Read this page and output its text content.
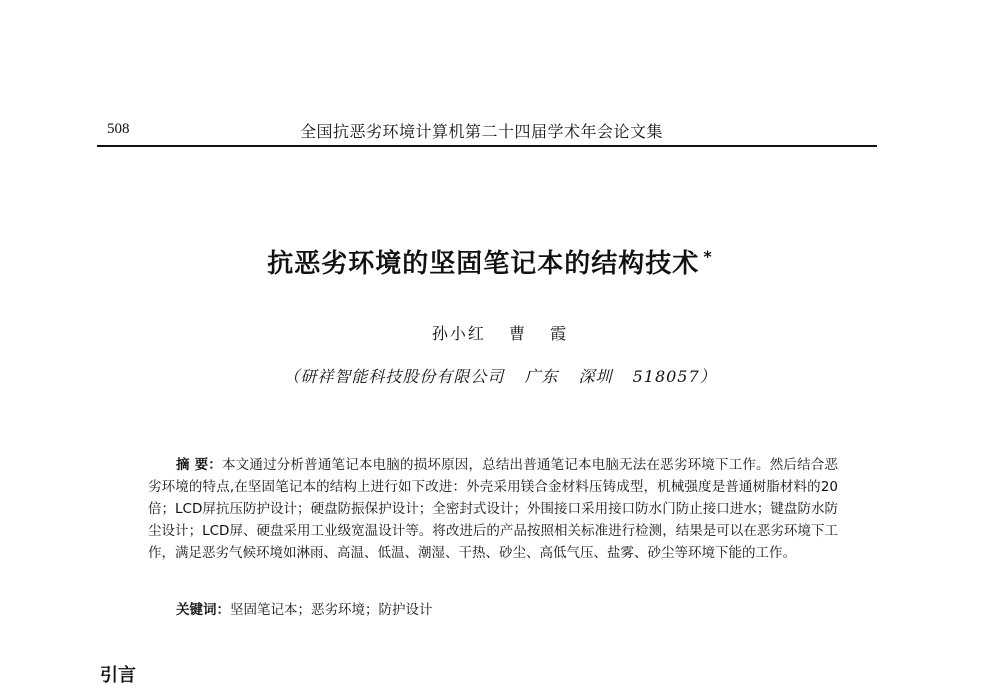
508	全国抗恶劣环境计算机第二十四届学术年会论文集
抗恶劣环境的坚固笔记本的结构技术 *
孙小红 曹 霞
（研祥智能科技股份有限公司 广东 深圳 518057）
摘 要：本文通过分析普通笔记本电脑的损坏原因，总结出普通笔记本电脑无法在恶劣环境下工作。然后结合恶劣环境的特点,在坚固笔记本的结构上进行如下改进：外壳采用镁合金材料压铸成型，机械强度是普通树脂材料的20倍；LCD屏抗压防护设计；硬盘防振保护设计；全密封式设计；外围接口采用接口防水门防止接口进水；键盘防水防尘设计；LCD屏、硬盘采用工业级宽温设计等。将改进后的产品按照相关标准进行检测，结果是可以在恶劣环境下工作，满足恶劣气候环境如淋雨、高温、低温、潮湿、干热、砂尘、高低气压、盐雾、砂尘等环境下能的工作。
关键词：坚固笔记本；恶劣环境；防护设计
引言
